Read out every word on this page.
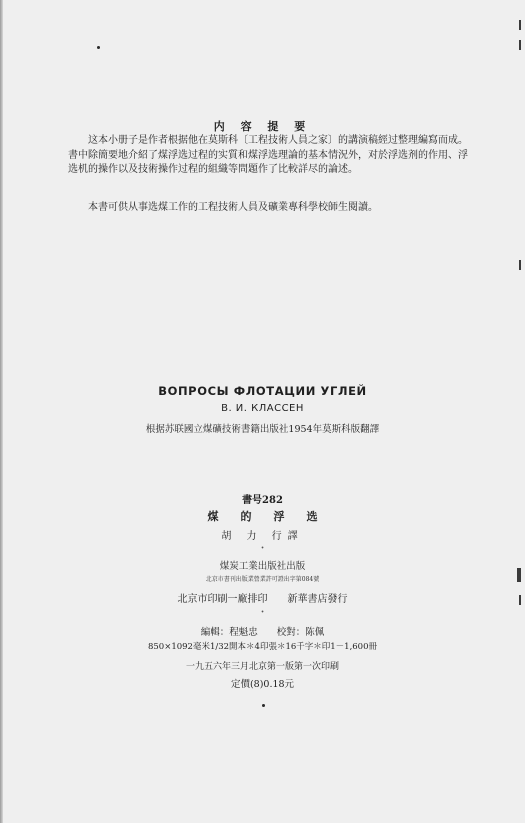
内 容 提 要

这本小册子是作者根据他在莫斯科〔工程技術人員之家〕的講演稿經过整理編寫而成。書中除簡要地介紹了煤浮选过程的实質和煤浮选理論的基本情況外，对於浮选剂的作用、浮选机的操作以及技術操作过程的組織等問題作了比較詳尽的論述。

本書可供从事选煤工作的工程技術人員及礦業專科學校師生閱讀。

ВОПРОСЫ ФЛОТАЦИИ УГЛЕЙ
В. И. КЛАССЕН
根据苏联國立煤礦技術書籍出版社1954年莫斯科版翻譯
書号282
煤的浮选
胡 力 行譯
•
煤炭工業出版社出版
北京市書刊出版業營業許可證出字第084號
北京市印刷一廠排印　　新華書店發行
•
編輯：程魁忠　　校對：陈佩
850×1092毫米1/32開本＊4印張＊16千字＊印1－1,600冊
一九五六年三月北京第一版第一次印刷
定價(8)0.18元
